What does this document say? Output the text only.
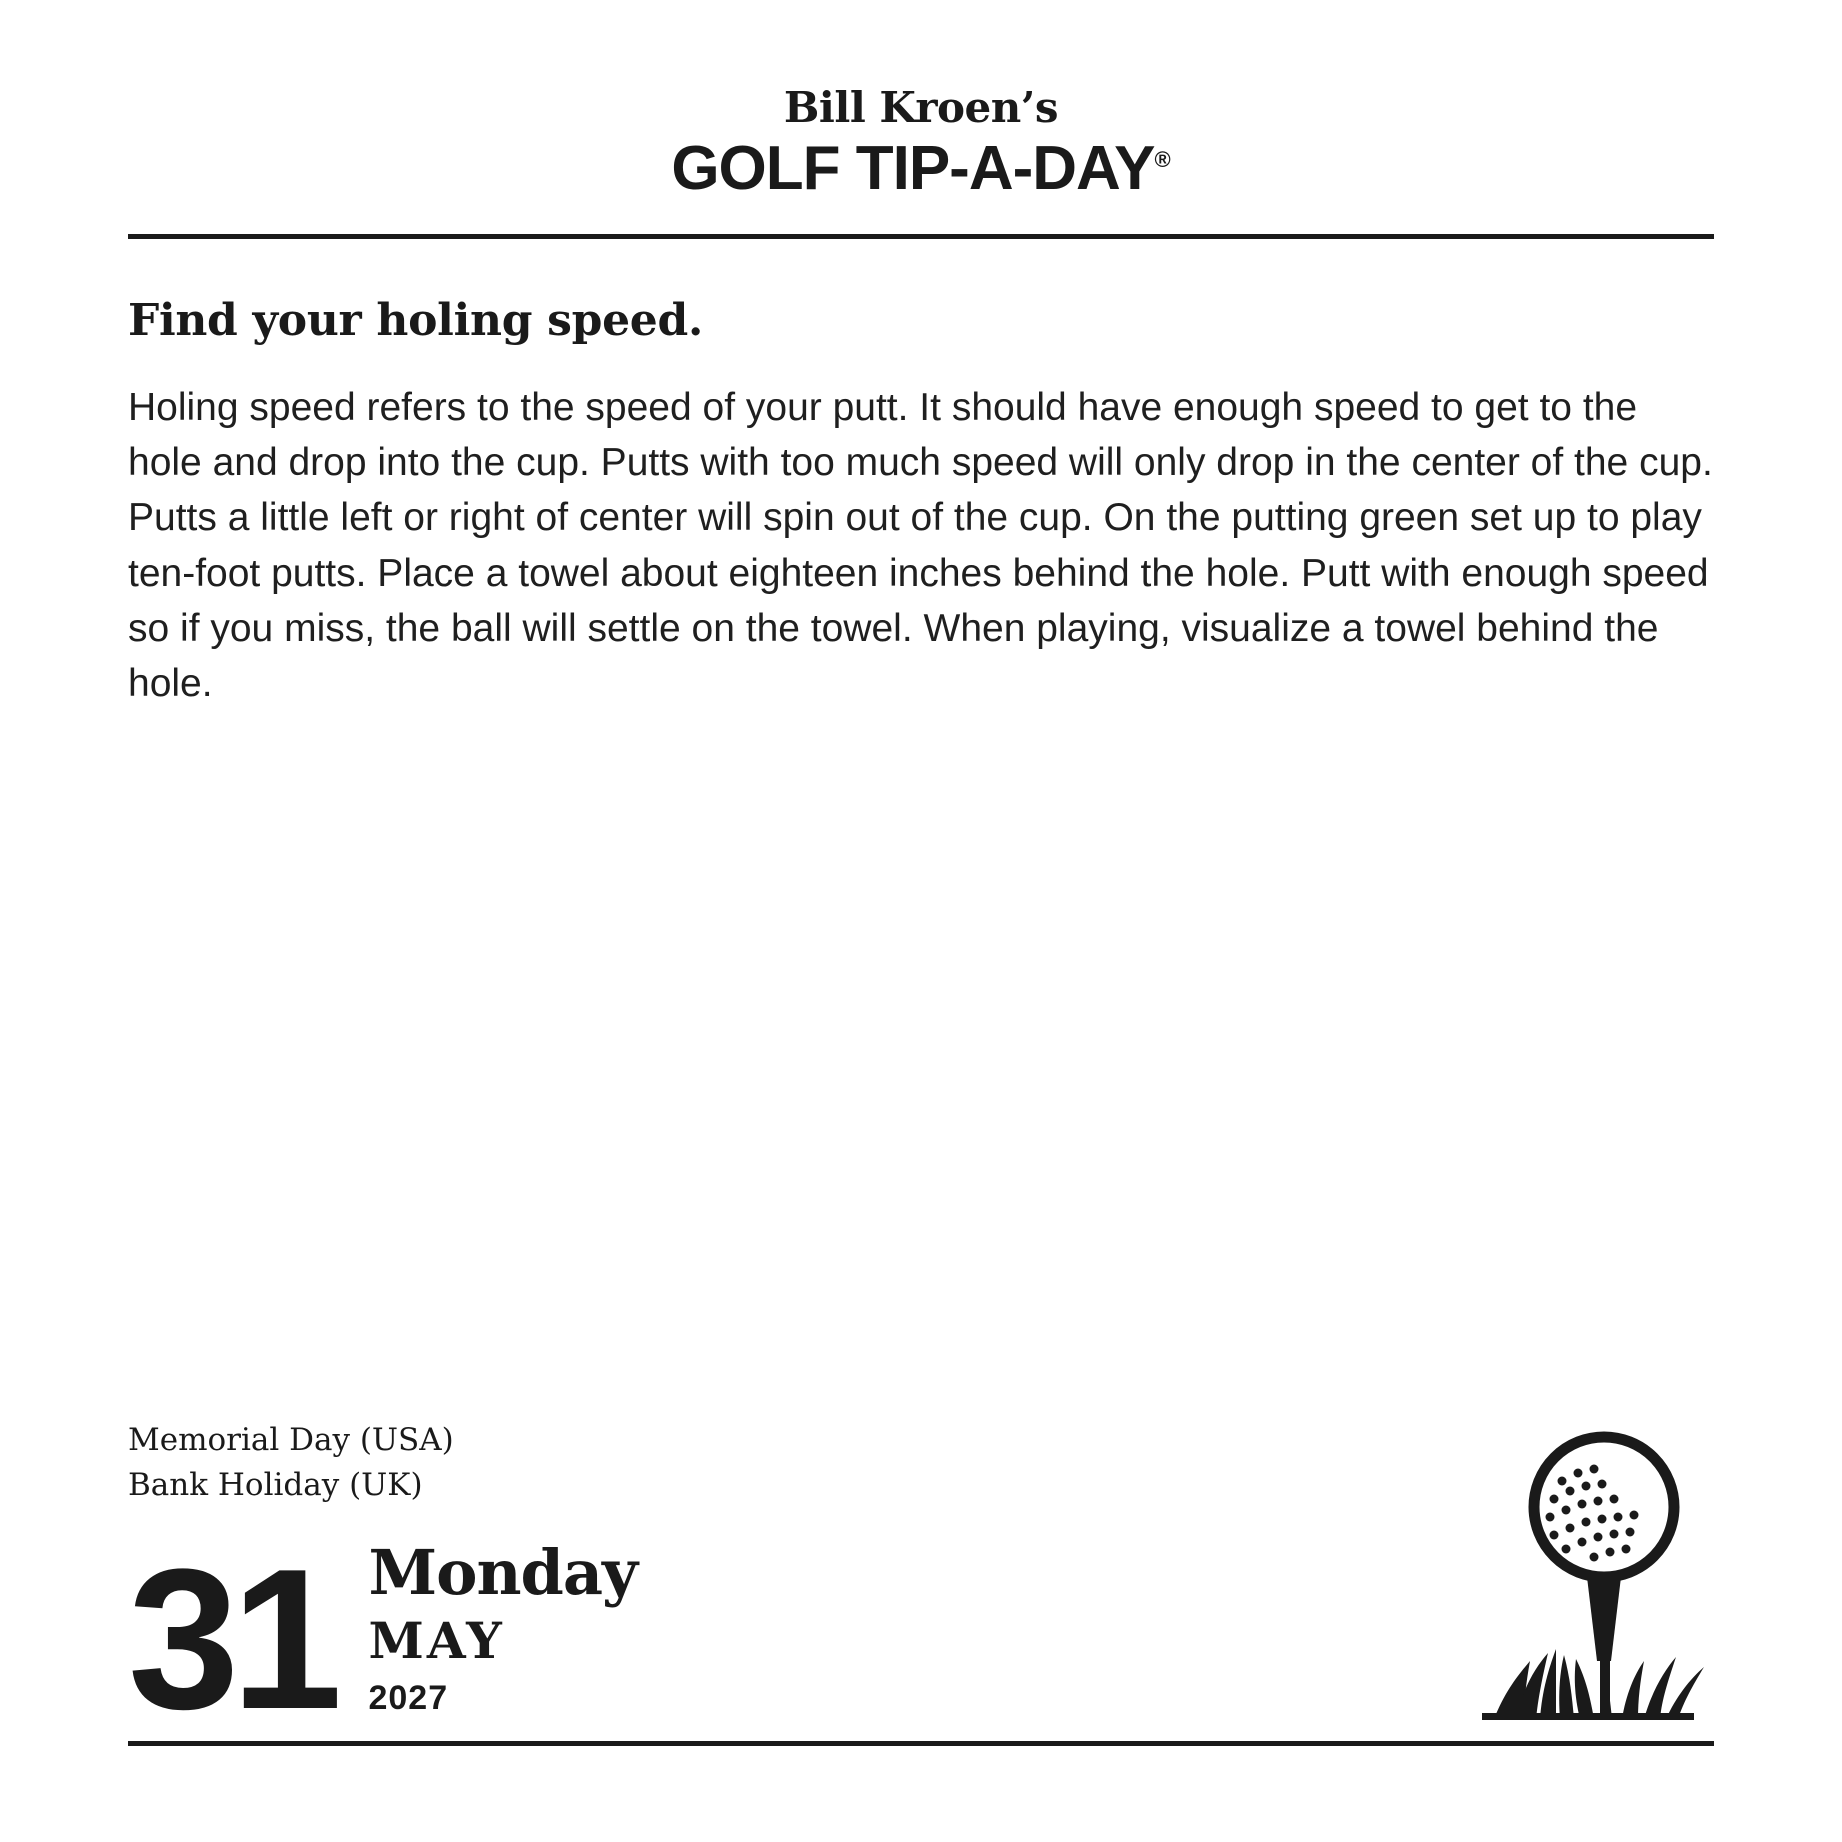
Bill Kroen’s
GOLF TIP-A-DAY®
Find your holing speed.
Holing speed refers to the speed of your putt. It should have enough speed to get to the hole and drop into the cup. Putts with too much speed will only drop in the center of the cup. Putts a little left or right of center will spin out of the cup. On the putting green set up to play ten-foot putts. Place a towel about eighteen inches behind the hole. Putt with enough speed so if you miss, the ball will settle on the towel. When playing, visualize a towel behind the hole.
Memorial Day (USA)
Bank Holiday (UK)
31 Monday
MAY
2027
